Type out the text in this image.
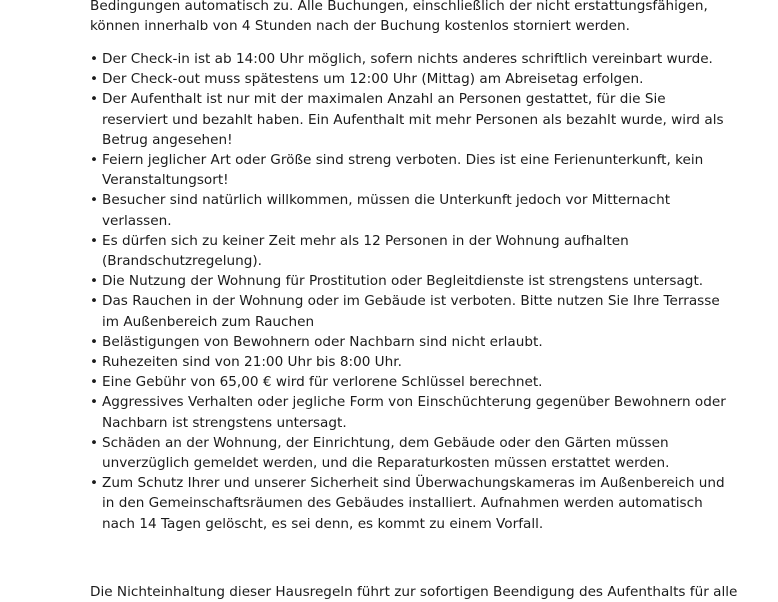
Bedingungen automatisch zu. Alle Buchungen, einschließlich der nicht erstattungsfähigen, können innerhalb von 4 Stunden nach der Buchung kostenlos storniert werden.

• Der Check-in ist ab 14:00 Uhr möglich, sofern nichts anderes schriftlich vereinbart wurde.
• Der Check-out muss spätestens um 12:00 Uhr (Mittag) am Abreisetag erfolgen.
• Der Aufenthalt ist nur mit der maximalen Anzahl an Personen gestattet, für die Sie reserviert und bezahlt haben. Ein Aufenthalt mit mehr Personen als bezahlt wurde, wird als Betrug angesehen!
• Feiern jeglicher Art oder Größe sind streng verboten. Dies ist eine Ferienunterkunft, kein Veranstaltungsort!
• Besucher sind natürlich willkommen, müssen die Unterkunft jedoch vor Mitternacht verlassen.
• Es dürfen sich zu keiner Zeit mehr als 12 Personen in der Wohnung aufhalten (Brandschutzregelung).
• Die Nutzung der Wohnung für Prostitution oder Begleitdienste ist strengstens untersagt.
• Das Rauchen in der Wohnung oder im Gebäude ist verboten. Bitte nutzen Sie Ihre Terrasse im Außenbereich zum Rauchen
• Belästigungen von Bewohnern oder Nachbarn sind nicht erlaubt.
• Ruhezeiten sind von 21:00 Uhr bis 8:00 Uhr.
• Eine Gebühr von 65,00 € wird für verlorene Schlüssel berechnet.
• Aggressives Verhalten oder jegliche Form von Einschüchterung gegenüber Bewohnern oder Nachbarn ist strengstens untersagt.
• Schäden an der Wohnung, der Einrichtung, dem Gebäude oder den Gärten müssen unverzüglich gemeldet werden, und die Reparaturkosten müssen erstattet werden.
• Zum Schutz Ihrer und unserer Sicherheit sind Überwachungskameras im Außenbereich und in den Gemeinschaftsräumen des Gebäudes installiert. Aufnahmen werden automatisch nach 14 Tagen gelöscht, es sei denn, es kommt zu einem Vorfall.

Die Nichteinhaltung dieser Hausregeln führt zur sofortigen Beendigung des Aufenthalts für alle
